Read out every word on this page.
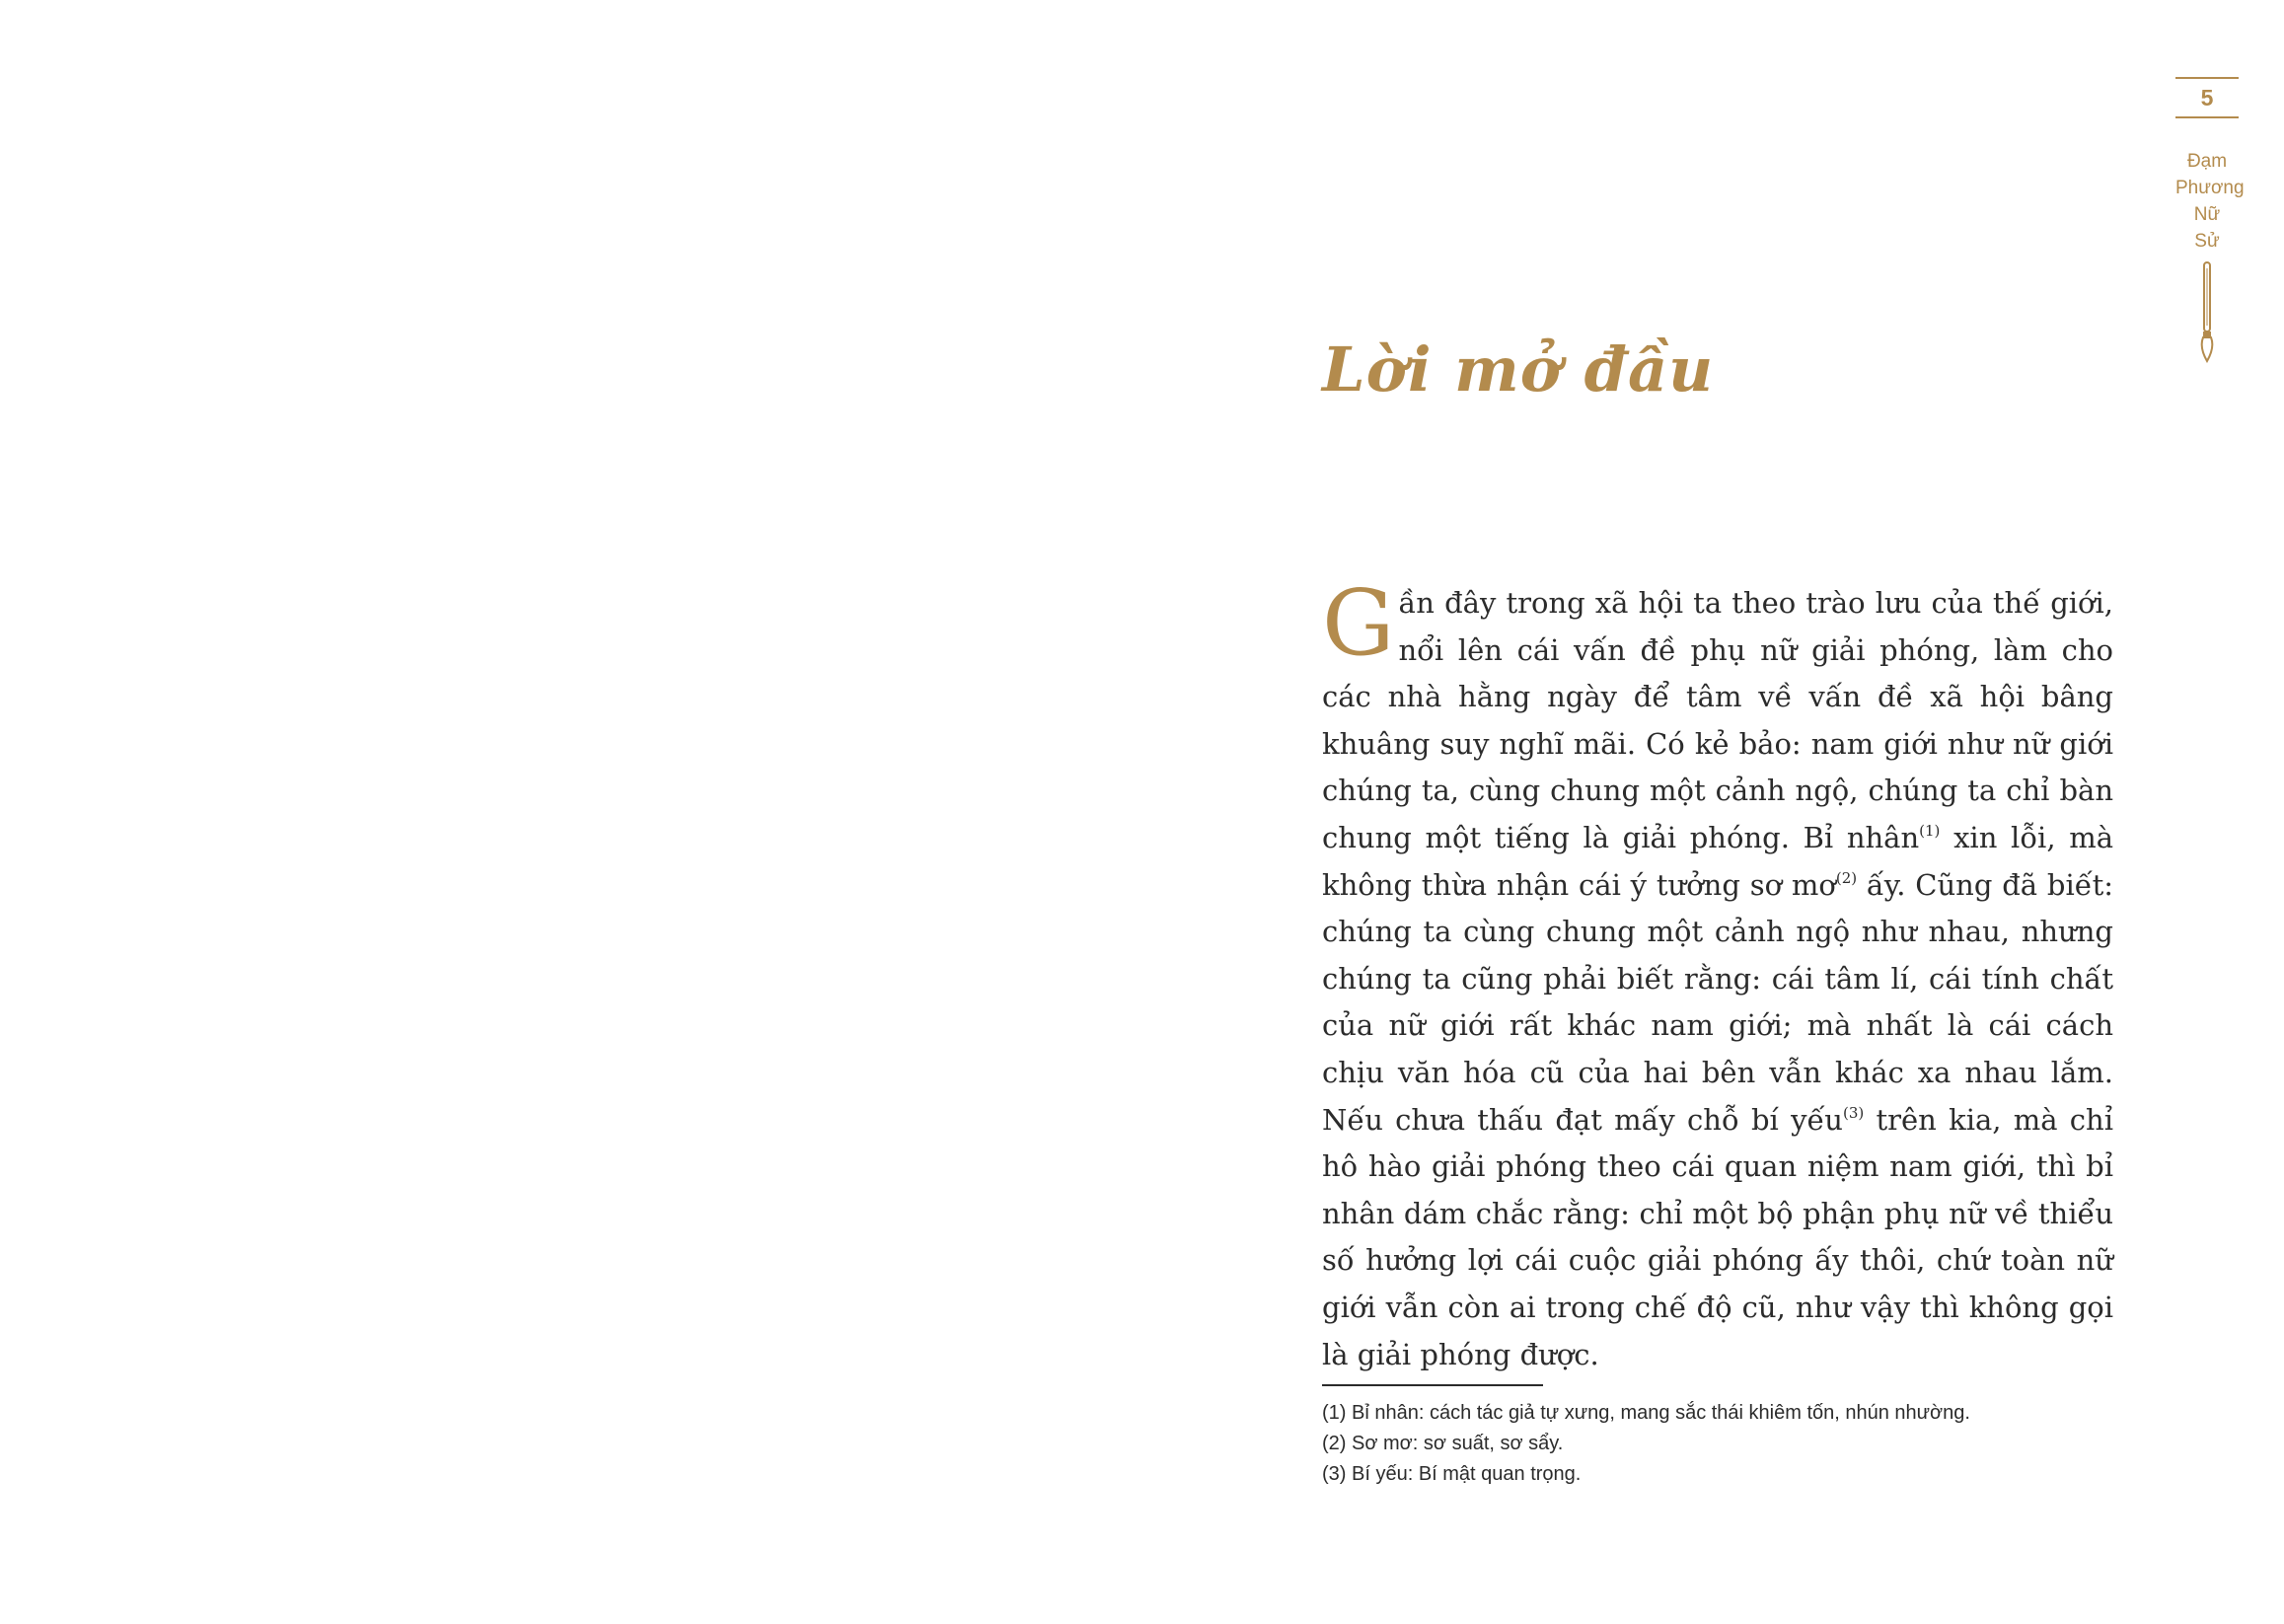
5
Đạm
Phương
Nữ
Sử
Lời mở đầu
Gần đây trong xã hội ta theo trào lưu của thế giới, nổi lên cái vấn đề phụ nữ giải phóng, làm cho các nhà hằng ngày để tâm về vấn đề xã hội bâng khuâng suy nghĩ mãi. Có kẻ bảo: nam giới như nữ giới chúng ta, cùng chung một cảnh ngộ, chúng ta chỉ bàn chung một tiếng là giải phóng. Bỉ nhân$^{(1)}$ xin lỗi, mà không thừa nhận cái ý tưởng sơ $mơ^{(2)}$ ấy. Cũng đã biết: chúng ta cùng chung một cảnh ngộ như nhau, nhưng chúng ta cũng phải biết rằng: cái tâm lí, cái tính chất của nữ giới rất khác nam giới; mà nhất là cái cách chịu văn hóa cũ của hai bên vẫn khác xa nhau lắm. Nếu chưa thấu đạt mấy chỗ bí yếu$^{(3)}$ trên kia, mà chỉ hô hào giải phóng theo cái quan niệm nam giới, thì bỉ nhân dám chắc rằng: chỉ một bộ phận phụ nữ về thiểu số hưởng lợi cái cuộc giải phóng ấy thôi, chứ toàn nữ giới vẫn còn ai trong chế độ cũ, như vậy thì không gọi là giải phóng được.
(1) Bỉ nhân: cách tác giả tự xưng, mang sắc thái khiêm tốn, nhún nhường.
(2) Sơ mơ: sơ suất, sơ sẩy.
(3) Bí yếu: Bí mật quan trọng.
